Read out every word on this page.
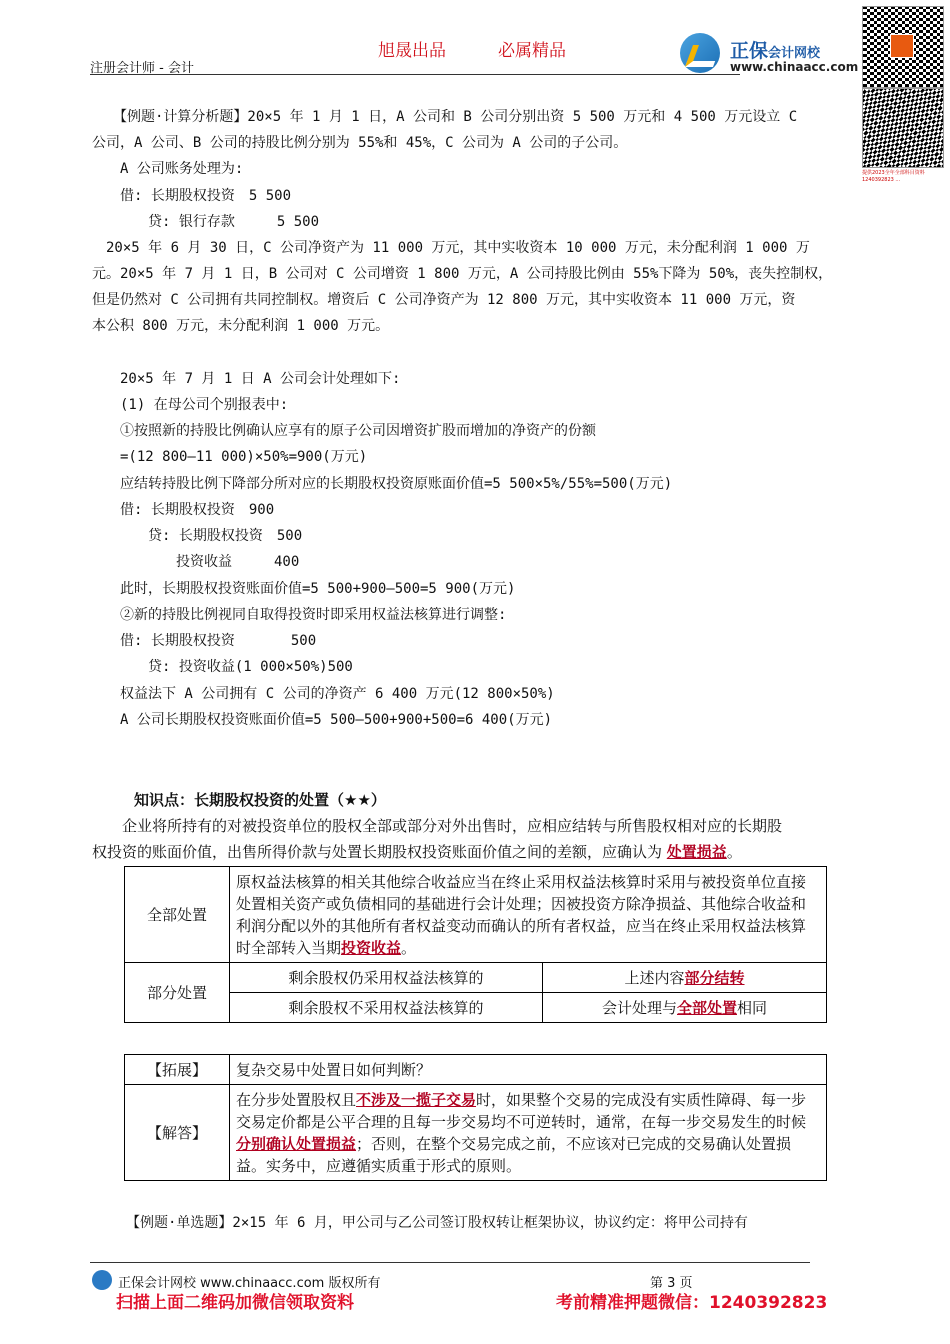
注册会计师 - 会计
旭晟出品	必属精品	正保会计网校
www.chinaacc.com
提供2023全年全部科目资料 1240392823 ...
　　【例题·计算分析题】20×5 年 1 月 1 日，A 公司和 B 公司分别出资 5 500 万元和 4 500 万元设立 C
公司，A 公司、B 公司的持股比例分别为 55%和 45%，C 公司为 A 公司的子公司。
　　A 公司账务处理为:
　　借: 长期股权投资　5 500
　　　　贷: 银行存款　　　5 500
　20×5 年 6 月 30 日，C 公司净资产为 11 000 万元，其中实收资本 10 000 万元，未分配利润 1 000 万
元。20×5 年 7 月 1 日，B 公司对 C 公司增资 1 800 万元，A 公司持股比例由 55%下降为 50%，丧失控制权，
但是仍然对 C 公司拥有共同控制权。增资后 C 公司净资产为 12 800 万元，其中实收资本 11 000 万元，资
本公积 800 万元，未分配利润 1 000 万元。
　　20×5 年 7 月 1 日 A 公司会计处理如下:
　　(1) 在母公司个别报表中:
　　①按照新的持股比例确认应享有的原子公司因增资扩股而增加的净资产的份额
　　=(12 800—11 000)×50%=900(万元)
　　应结转持股比例下降部分所对应的长期股权投资原账面价值=5 500×5%/55%=500(万元)
　　借: 长期股权投资　900
　　　　贷: 长期股权投资　500
　　　　　　投资收益　　　400
　　此时，长期股权投资账面价值=5 500+900—500=5 900(万元)
　　②新的持股比例视同自取得投资时即采用权益法核算进行调整:
　　借: 长期股权投资　　　　500
　　　　贷: 投资收益(1 000×50%)500
　　权益法下 A 公司拥有 C 公司的净资产 6 400 万元(12 800×50%)
　　A 公司长期股权投资账面价值=5 500—500+900+500=6 400(万元)
知识点：长期股权投资的处置（★★）
　　企业将所持有的对被投资单位的股权全部或部分对外出售时，应相应结转与所售股权相对应的长期股
权投资的账面价值，出售所得价款与处置长期股权投资账面价值之间的差额，应确认为 处置损益。
全部处置	原权益法核算的相关其他综合收益应当在终止采用权益法核算时采用与被投资单位直接处置相关资产或负债相同的基础进行会计处理；因被投资方除净损益、其他综合收益和利润分配以外的其他所有者权益变动而确认的所有者权益，应当在终止采用权益法核算时全部转入当期投资收益。	
部分处置	剩余股权仍采用权益法核算的	上述内容部分结转
	剩余股权不采用权益法核算的	会计处理与全部处置相同
【拓展】	复杂交易中处置日如何判断？
【解答】	在分步处置股权且不涉及一揽子交易时，如果整个交易的完成没有实质性障碍、每一步交易定价都是公平合理的且每一步交易均不可逆转时，通常，在每一步交易发生的时候分别确认处置损益；否则，在整个交易完成之前，不应该对已完成的交易确认处置损益。实务中，应遵循实质重于形式的原则。
【例题·单选题】2×15 年 6 月，甲公司与乙公司签订股权转让框架协议，协议约定：将甲公司持有
正保会计网校 www.chinaacc.com 版权所有	第 3 页
扫描上面二维码加微信领取资料	考前精准押题微信：1240392823
